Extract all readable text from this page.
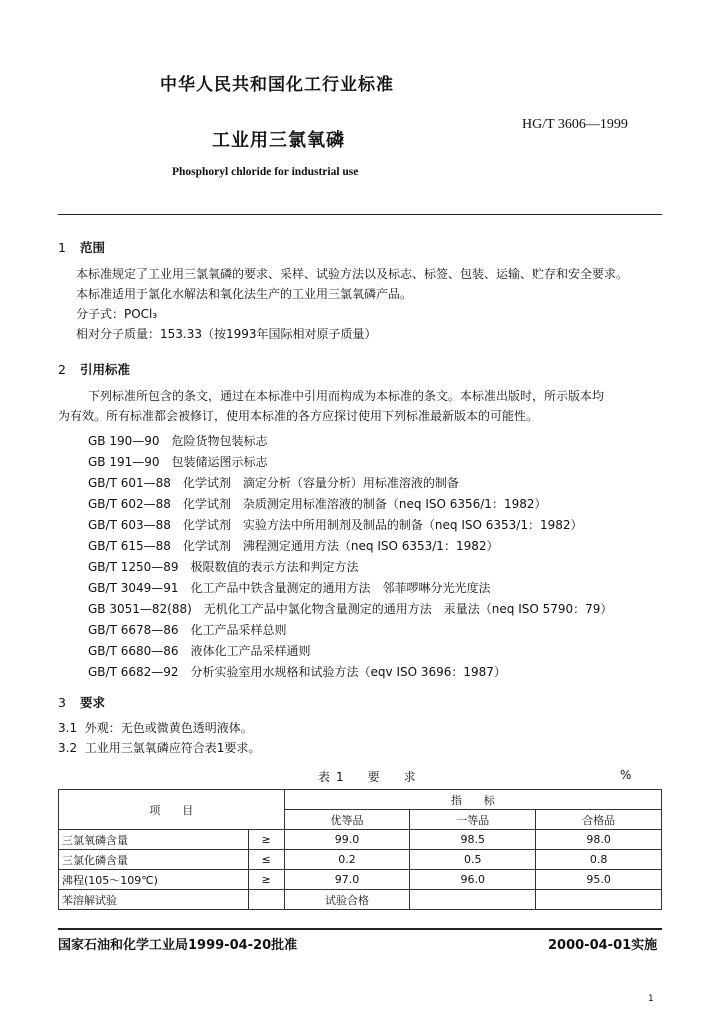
中华人民共和国化工行业标准
HG/T 3606—1999
工业用三氯氧磷
Phosphoryl chloride for industrial use
1 范围
本标准规定了工业用三氯氧磷的要求、采样、试验方法以及标志、标签、包装、运输、贮存和安全要求。
本标准适用于氯化水解法和氧化法生产的工业用三氯氧磷产品。
分子式：POCl₃
相对分子质量：153.33（按1993年国际相对原子质量）
2 引用标准
下列标准所包含的条文，通过在本标准中引用而构成为本标准的条文。本标准出版时，所示版本均
为有效。所有标准都会被修订，使用本标准的各方应探讨使用下列标准最新版本的可能性。
GB 190—90　危险货物包装标志
GB 191—90　包装储运图示标志
GB/T 601—88　化学试剂　滴定分析（容量分析）用标准溶液的制备
GB/T 602—88　化学试剂　杂质测定用标准溶液的制备（neq ISO 6356/1：1982）
GB/T 603—88　化学试剂　实验方法中所用制剂及制品的制备（neq ISO 6353/1：1982）
GB/T 615—88　化学试剂　沸程测定通用方法（neq ISO 6353/1：1982）
GB/T 1250—89　极限数值的表示方法和判定方法
GB/T 3049—91　化工产品中铁含量测定的通用方法　邻菲啰啉分光光度法
GB 3051—82(88)　无机化工产品中氯化物含量测定的通用方法　汞量法（neq ISO 5790：79）
GB/T 6678—86　化工产品采样总则
GB/T 6680—86　液体化工产品采样通则
GB/T 6682—92　分析实验室用水规格和试验方法（eqv ISO 3696：1987）
3 要求
3.1 外观：无色或微黄色透明液体。
3.2 工业用三氯氧磷应符合表1要求。
表1　要　求	%
项　　目		指　　标		
		优等品	一等品	合格品
三氯氧磷含量	≥	99.0	98.5	98.0
三氯化磷含量	≤	0.2	0.5	0.8
沸程(105～109℃)	≥	97.0	96.0	95.0
苯溶解试验		试验合格		
国家石油和化学工业局1999-04-20批准	2000-04-01实施
1
